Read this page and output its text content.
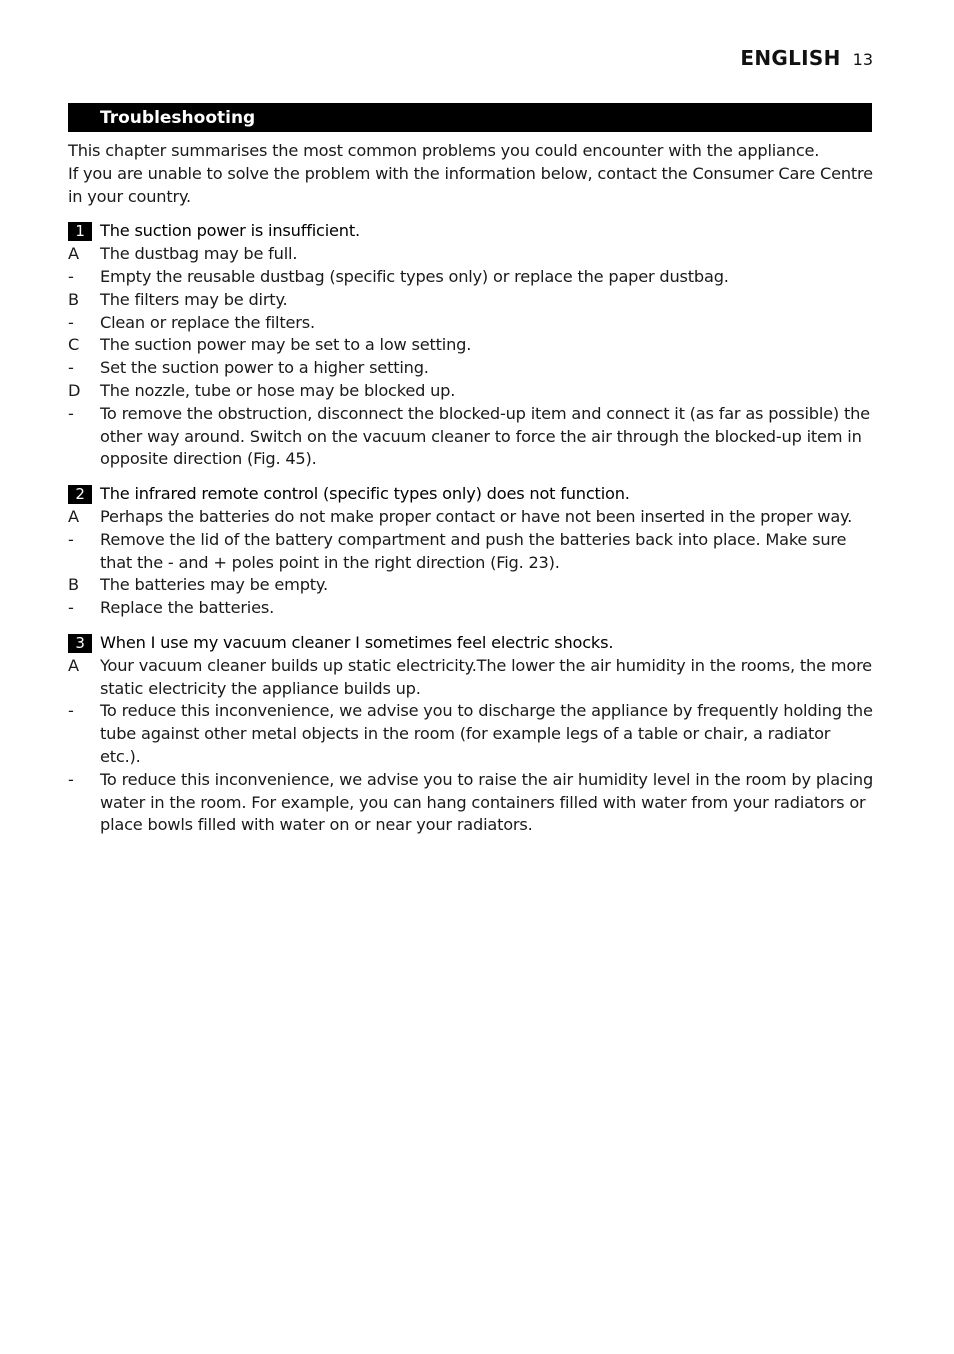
ENGLISH 13
Troubleshooting

This chapter summarises the most common problems you could encounter with the appliance.

If you are unable to solve the problem with the information below, contact the Consumer Care Centre in your country.

1 The suction power is insufficient.
A	The dustbag may be full.
-	Empty the reusable dustbag (specific types only) or replace the paper dustbag.
B	The filters may be dirty.
-	Clean or replace the filters.
C	The suction power may be set to a low setting.
-	Set the suction power to a higher setting.
D	The nozzle, tube or hose may be blocked up.
-	To remove the obstruction, disconnect the blocked-up item and connect it (as far as possible) the other way around. Switch on the vacuum cleaner to force the air through the blocked-up item in opposite direction (Fig. 45).
2 The infrared remote control (specific types only) does not function.
A	Perhaps the batteries do not make proper contact or have not been inserted in the proper way.
-	Remove the lid of the battery compartment and push the batteries back into place. Make sure that the - and + poles point in the right direction (Fig. 23).
B	The batteries may be empty.
-	Replace the batteries.
3 When I use my vacuum cleaner I sometimes feel electric shocks.
A	Your vacuum cleaner builds up static electricity.The lower the air humidity in the rooms, the more static electricity the appliance builds up.
-	To reduce this inconvenience, we advise you to discharge the appliance by frequently holding the tube against other metal objects in the room (for example legs of a table or chair, a radiator etc.).
-	To reduce this inconvenience, we advise you to raise the air humidity level in the room by placing water in the room. For example, you can hang containers filled with water from your radiators or place bowls filled with water on or near your radiators.
